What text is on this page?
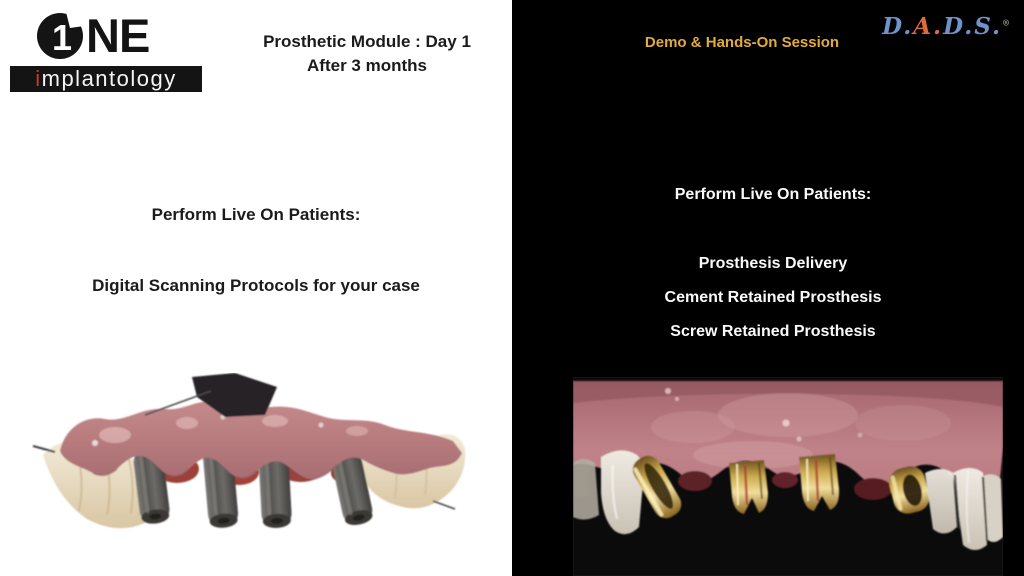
1 NE
implantology
Prosthetic Module : Day 1
After 3 months
Perform Live On Patients:
Digital Scanning Protocols for your case
Demo & Hands-On Session
D.A.D.S.®
Perform Live On Patients:
Prosthesis Delivery
Cement Retained Prosthesis
Screw Retained Prosthesis
